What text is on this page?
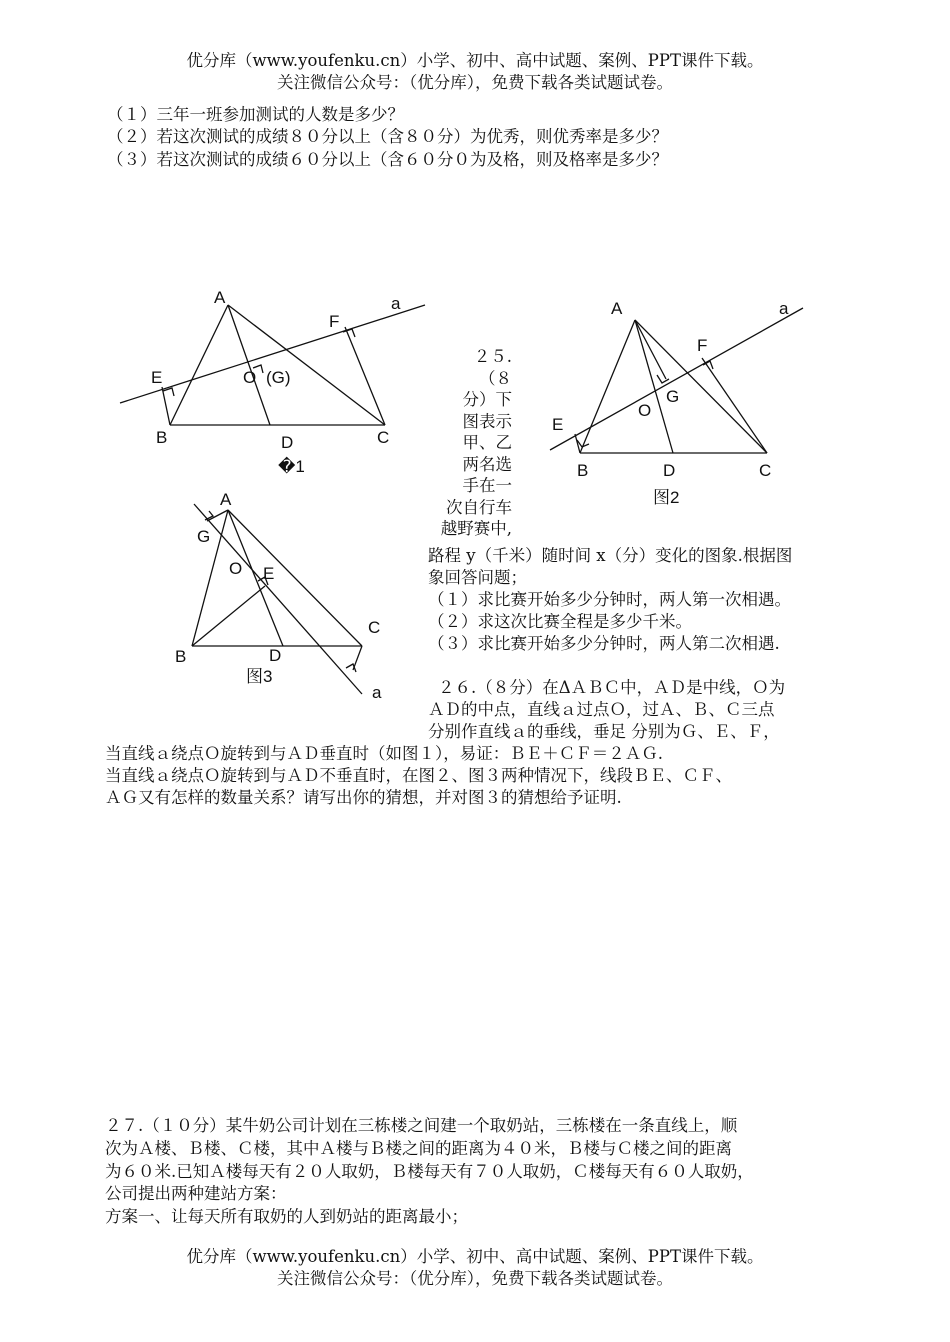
优分库（www.youfenku.cn）小学、初中、高中试题、案例、PPT课件下载。
关注微信公众号：（优分库），免费下载各类试题试卷。
（１）三年一班参加测试的人数是多少？
（２）若这次测试的成绩８０分以上（含８０分）为优秀，则优秀率是多少？
（３）若这次测试的成绩６０分以上（含６０分０为及格，则及格率是多少？
A
B	C
D
E
F
O (G)
a
�1
A
B	C
D
E
F
O
G
a
图2
A
B
C
D
E
G
O
a
图3
２５.
（８
分）下
图表示
甲、乙
两名选
手在一
次自行车
越野赛中,
路程 y（千米）随时间 x（分）变化的图象.根据图
象回答问题；
（１）求比赛开始多少分钟时，两人第一次相遇。
（２）求这次比赛全程是多少千米。
（３）求比赛开始多少分钟时，两人第二次相遇.
２６.（８分）在ΔＡＢＣ中，ＡＤ是中线，Ｏ为
ＡＤ的中点，直线ａ过点Ｏ，过Ａ、Ｂ、Ｃ三点
分别作直线ａ的垂线，垂足 分别为Ｇ、Ｅ、Ｆ，
当直线ａ绕点Ｏ旋转到与ＡＤ垂直时（如图１），易证：ＢＥ＋ＣＦ＝２ＡＧ.
当直线ａ绕点Ｏ旋转到与ＡＤ不垂直时，在图２、图３两种情况下，线段ＢＥ、ＣＦ、
ＡＧ又有怎样的数量关系？请写出你的猜想，并对图３的猜想给予证明.
２７.（１０分）某牛奶公司计划在三栋楼之间建一个取奶站，三栋楼在一条直线上，顺
次为Ａ楼、Ｂ楼、Ｃ楼，其中Ａ楼与Ｂ楼之间的距离为４０米，Ｂ楼与Ｃ楼之间的距离
为６０米.已知Ａ楼每天有２０人取奶，Ｂ楼每天有７０人取奶，Ｃ楼每天有６０人取奶，
公司提出两种建站方案：
方案一、让每天所有取奶的人到奶站的距离最小；
优分库（www.youfenku.cn）小学、初中、高中试题、案例、PPT课件下载。
关注微信公众号：（优分库），免费下载各类试题试卷。
